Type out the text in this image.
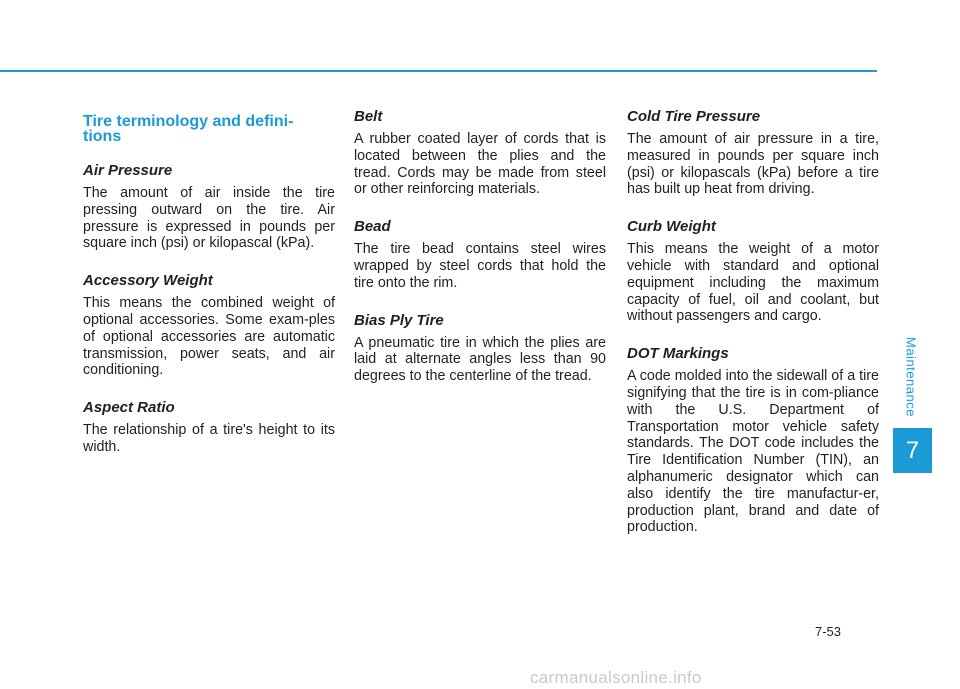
Maintenance
7
Tire terminology and defini-
tions
Air Pressure
The amount of air inside the tire pressing outward on the tire. Air pressure is expressed in pounds per square inch (psi) or kilopascal (kPa).
Accessory Weight
This means the combined weight of optional accessories. Some exam-ples of optional accessories are automatic transmission, power seats, and air conditioning.
Aspect Ratio
The relationship of a tire's height to its width.
Belt
A rubber coated layer of cords that is located between the plies and the tread. Cords may be made from steel or other reinforcing materials.
Bead
The tire bead contains steel wires wrapped by steel cords that hold the tire onto the rim.
Bias Ply Tire
A pneumatic tire in which the plies are laid at alternate angles less than 90 degrees to the centerline of the tread.
Cold Tire Pressure
The amount of air pressure in a tire, measured in pounds per square inch (psi) or kilopascals (kPa) before a tire has built up heat from driving.
Curb Weight
This means the weight of a motor vehicle with standard and optional equipment including the maximum capacity of fuel, oil and coolant, but without passengers and cargo.
DOT Markings
A code molded into the sidewall of a tire signifying that the tire is in com-pliance with the U.S. Department of Transportation motor vehicle safety standards. The DOT code includes the Tire Identification Number (TIN), an alphanumeric designator which can also identify the tire manufactur-er, production plant, brand and date of production.
7-53
carmanualsonline.info
